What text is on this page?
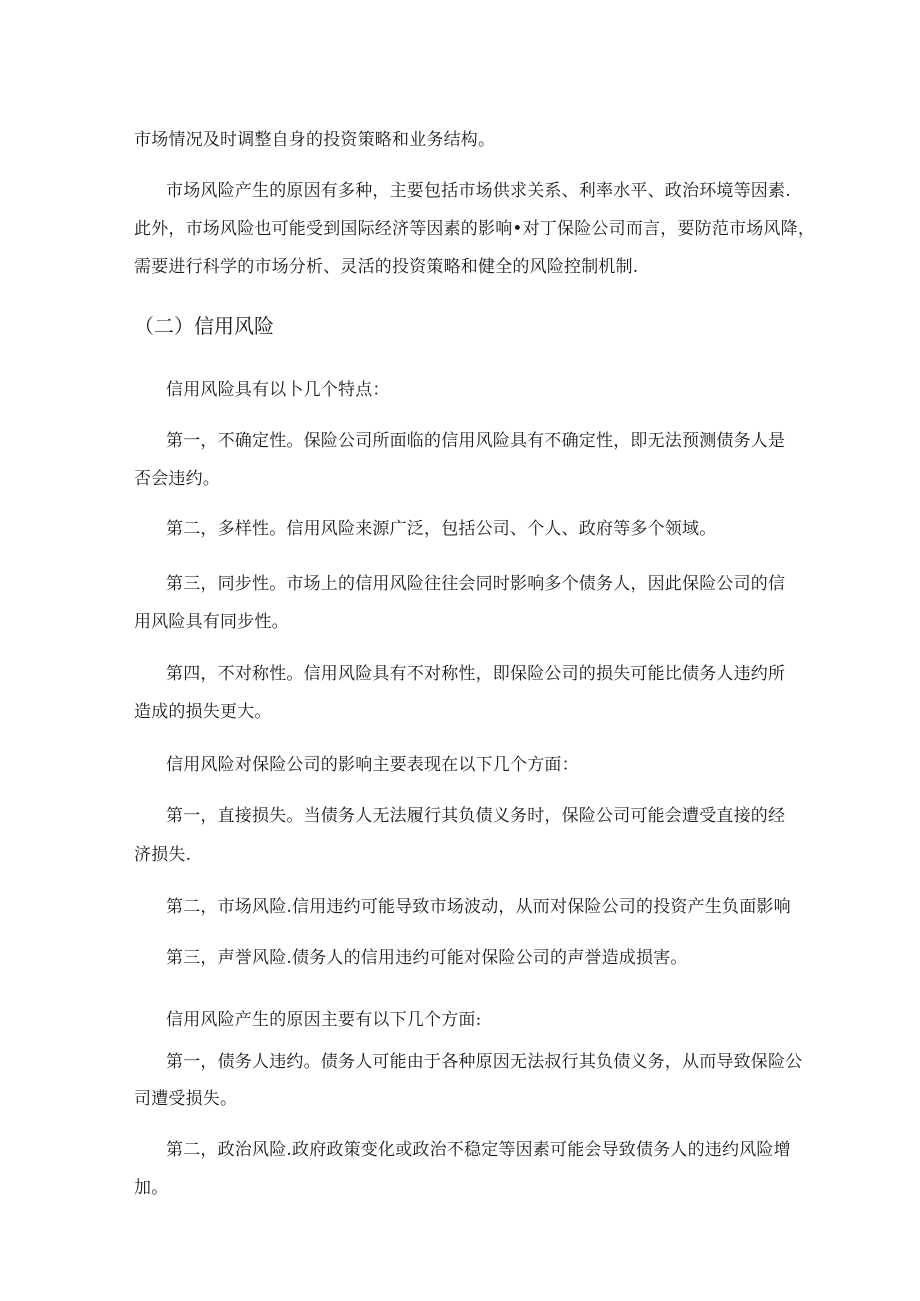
市场情况及时调整自身的投资策略和业务结构。
市场风险产生的原因有多种，主要包括市场供求关系、利率水平、政治环境等因素.
此外，市场风险也可能受到国际经济等因素的影响•对丁保险公司而言，要防范市场风降，
需要进行科学的市场分析、灵活的投资策略和健全的风险控制机制.
（二）信用风险
信用风险具有以卜几个特点：
第一，不确定性。保险公司所面临的信用风险具有不确定性，即无法预测债务人是
否会违约。
第二，多样性。信用风险来源广泛，包括公司、个人、政府等多个领域。
第三，同步性。市场上的信用风险往往会同时影响多个债务人，因此保险公司的信
用风险具有同步性。
第四，不对称性。信用风险具有不对称性，即保险公司的损失可能比债务人违约所
造成的损失更大。
信用风险对保险公司的影响主要表现在以下几个方面：
第一，直接损失。当债务人无法履行其负债义务时，保险公司可能会遭受直接的经
济损失.
第二，市场风险.信用违约可能导致市场波动，从而对保险公司的投资产生负面影响
第三，声誉风险.债务人的信用违约可能对保险公司的声誉造成损害。
信用风险产生的原因主要有以下几个方面:
第一，债务人违约。债务人可能由于各种原因无法叔行其负债义务，从而导致保险公
司遭受损失。
第二，政治风险.政府政策变化或政治不稳定等因素可能会导致债务人的违约风险增
加。
